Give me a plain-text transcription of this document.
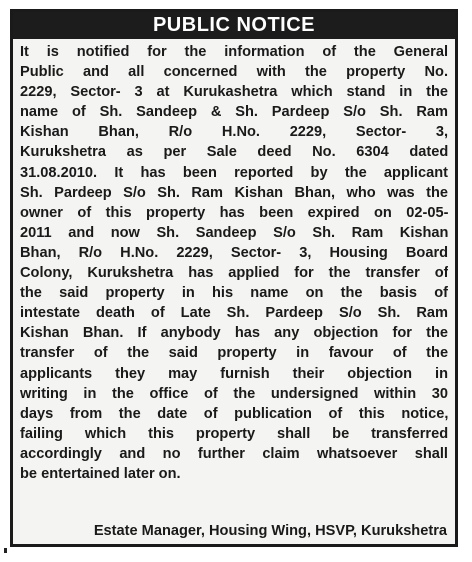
PUBLIC NOTICE
It is notified for the information of the General
Public and all concerned with the property No.
2229, Sector- 3 at Kurukashetra which stand in the
name of Sh. Sandeep & Sh. Pardeep S/o Sh. Ram
Kishan Bhan, R/o H.No. 2229, Sector- 3,
Kurukshetra as per Sale deed No. 6304 dated
31.08.2010. It has been reported by the applicant
Sh. Pardeep S/o Sh. Ram Kishan Bhan, who was the
owner of this property has been expired on 02-05-
2011 and now Sh. Sandeep S/o Sh. Ram Kishan
Bhan, R/o H.No. 2229, Sector- 3, Housing Board
Colony, Kurukshetra has applied for the transfer of
the said property in his name on the basis of
intestate death of Late Sh. Pardeep S/o Sh. Ram
Kishan Bhan. If anybody has any objection for the
transfer of the said property in favour of the
applicants they may furnish their objection in
writing in the office of the undersigned within 30
days from the date of publication of this notice,
failing which this property shall be transferred
accordingly and no further claim whatsoever shall
be entertained later on.
Estate Manager, Housing Wing, HSVP, Kurukshetra
